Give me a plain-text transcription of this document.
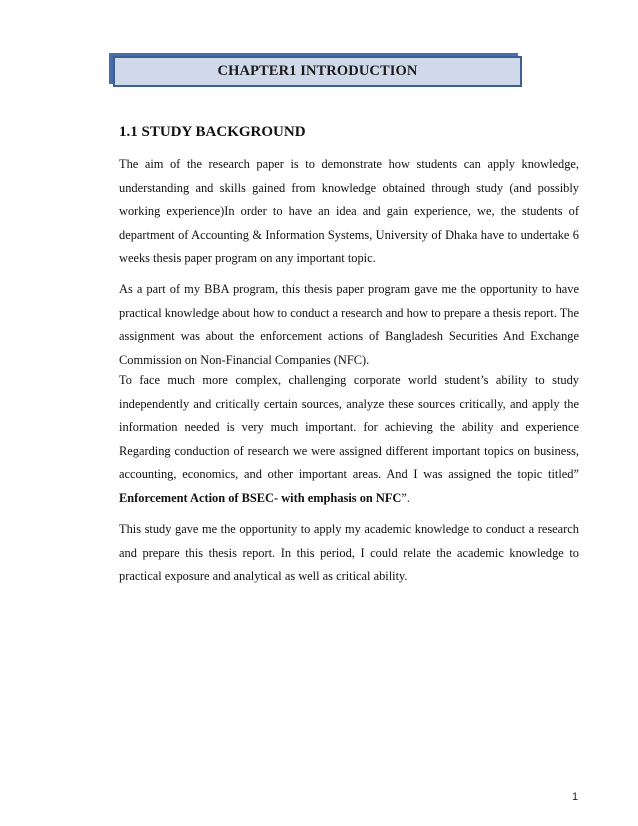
CHAPTER1 INTRODUCTION
1.1 STUDY BACKGROUND

The aim of the research paper is to demonstrate how students can apply knowledge, understanding and skills gained from knowledge obtained through study (and possibly working experience)In order to have an idea and gain experience, we, the students of department of Accounting & Information Systems, University of Dhaka have to undertake 6 weeks thesis paper program on any important topic.

As a part of my BBA program, this thesis paper program gave me the opportunity to have practical knowledge about how to conduct a research and how to prepare a thesis report. The assignment was about the enforcement actions of Bangladesh Securities And Exchange Commission on Non-Financial Companies (NFC).

To face much more complex, challenging corporate world student’s ability to study independently and critically certain sources, analyze these sources critically, and apply the information needed is very much important. for achieving the ability and experience Regarding conduction of research we were assigned different important topics on business, accounting, economics, and other important areas. And I was assigned the topic titled” Enforcement Action of BSEC- with emphasis on NFC”.

This study gave me the opportunity to apply my academic knowledge to conduct a research and prepare this thesis report. In this period, I could relate the academic knowledge to practical exposure and analytical as well as critical ability.

1
